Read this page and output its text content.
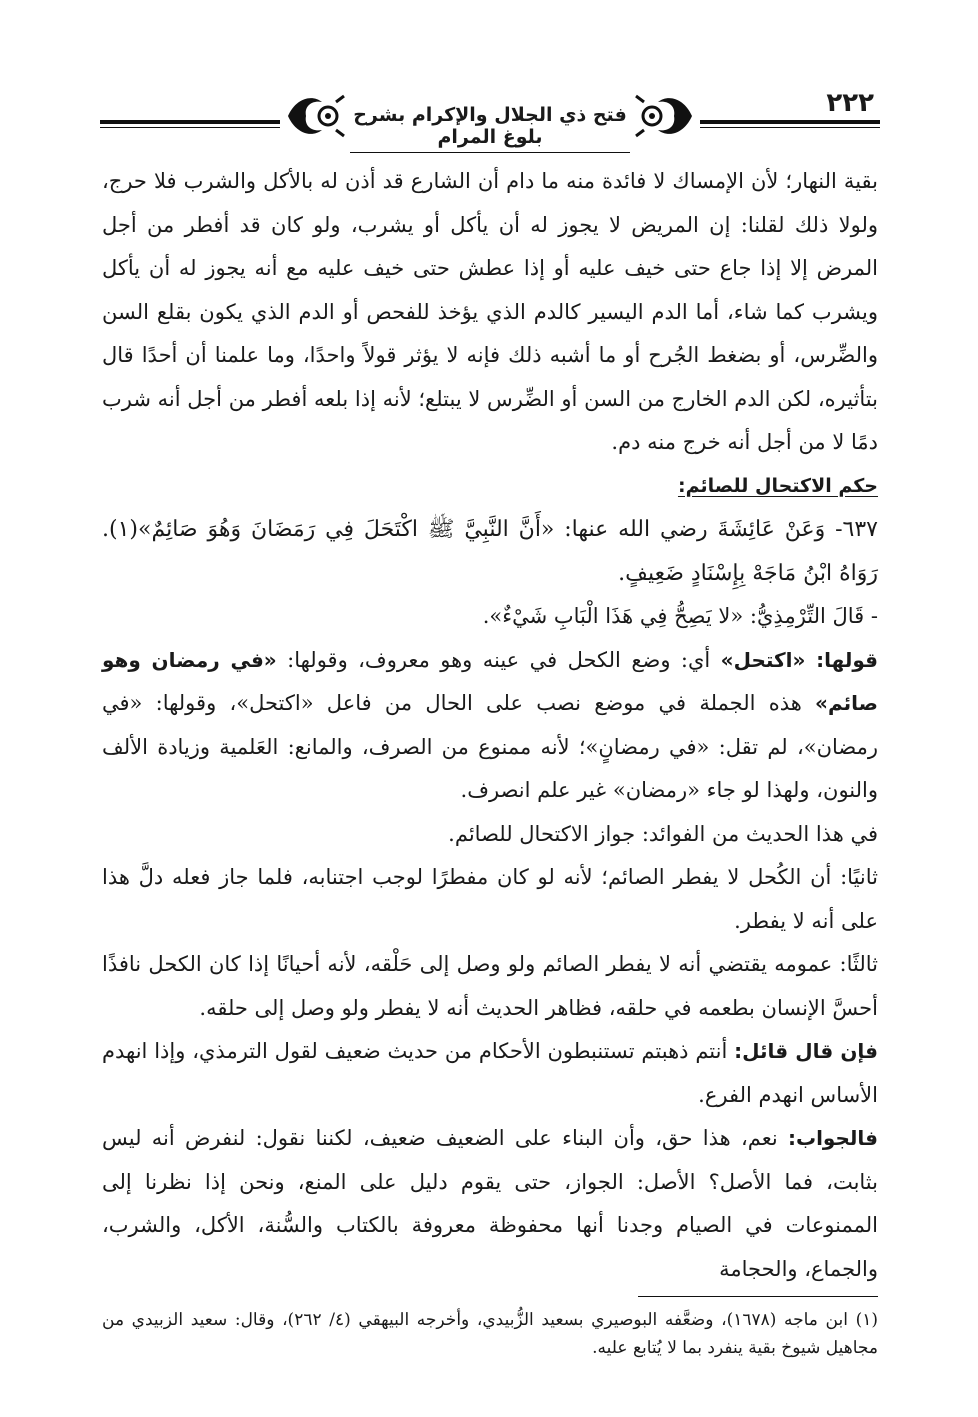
فتح ذي الجلال والإكرام بشرح بلوغ المرام
٢٢٢

بقية النهار؛ لأن الإمساك لا فائدة منه ما دام أن الشارع قد أذن له بالأكل والشرب فلا حرج، ولولا ذلك لقلنا: إن المريض لا يجوز له أن يأكل أو يشرب، ولو كان قد أفطر من أجل المرض إلا إذا جاع حتى خيف عليه أو إذا عطش حتى خيف عليه مع أنه يجوز له أن يأكل ويشرب كما شاء، أما الدم اليسير كالدم الذي يؤخذ للفحص أو الدم الذي يكون بقلع السن والضِّرس، أو بضغط الجُرح أو ما أشبه ذلك فإنه لا يؤثر قولاً واحدًا، وما علمنا أن أحدًا قال بتأثيره، لكن الدم الخارج من السن أو الضِّرس لا يبتلع؛ لأنه إذا بلعه أفطر من أجل أنه شرب دمًا لا من أجل أنه خرج منه دم.

حكم الاكتحال للصائم:

٦٣٧- وَعَنْ عَائِشَةَ رضي الله عنها: «أَنَّ النَّبِيَّ ﷺ اكْتَحَلَ فِي رَمَضَانَ وَهُوَ صَائِمٌ»(١). رَوَاهُ ابْنُ مَاجَهْ بِإِسْنَادٍ ضَعِيفٍ.

- قَالَ التِّرْمِذِيُّ: «لا يَصِحُّ فِي هَذَا الْبَابِ شَيْءٌ».

قولها: «اكتحل» أي: وضع الكحل في عينه وهو معروف، وقولها: «في رمضان وهو صائم» هذه الجملة في موضع نصب على الحال من فاعل «اكتحل»، وقولها: «في رمضان»، لم تقل: «في رمضانٍ»؛ لأنه ممنوع من الصرف، والمانع: العَلمية وزيادة الألف والنون، ولهذا لو جاء «رمضان» غير علم انصرف.

في هذا الحديث من الفوائد: جواز الاكتحال للصائم.

ثانيًا: أن الكُحل لا يفطر الصائم؛ لأنه لو كان مفطرًا لوجب اجتنابه، فلما جاز فعله دلَّ هذا على أنه لا يفطر.

ثالثًا: عمومه يقتضي أنه لا يفطر الصائم ولو وصل إلى حَلْقه، لأنه أحيانًا إذا كان الكحل نافذًا أحسَّ الإنسان بطعمه في حلقه، فظاهر الحديث أنه لا يفطر ولو وصل إلى حلقه.

فإن قال قائل: أنتم ذهبتم تستنبطون الأحكام من حديث ضعيف لقول الترمذي، وإذا انهدم الأساس انهدم الفرع.

فالجواب: نعم، هذا حق، وأن البناء على الضعيف ضعيف، لكننا نقول: لنفرض أنه ليس بثابت، فما الأصل؟ الأصل: الجواز، حتى يقوم دليل على المنع، ونحن إذا نظرنا إلى الممنوعات في الصيام وجدنا أنها محفوظة معروفة بالكتاب والسُّنة، الأكل، والشرب، والجماع، والحجامة

(١) ابن ماجه (١٦٧٨)، وضعَّفه البوصيري بسعيد الزُّبيدي، وأخرجه البيهقي (٤/ ٢٦٢)، وقال: سعيد الزبيدي من مجاهيل شيوخ بقية ينفرد بما لا يُتابع عليه.
